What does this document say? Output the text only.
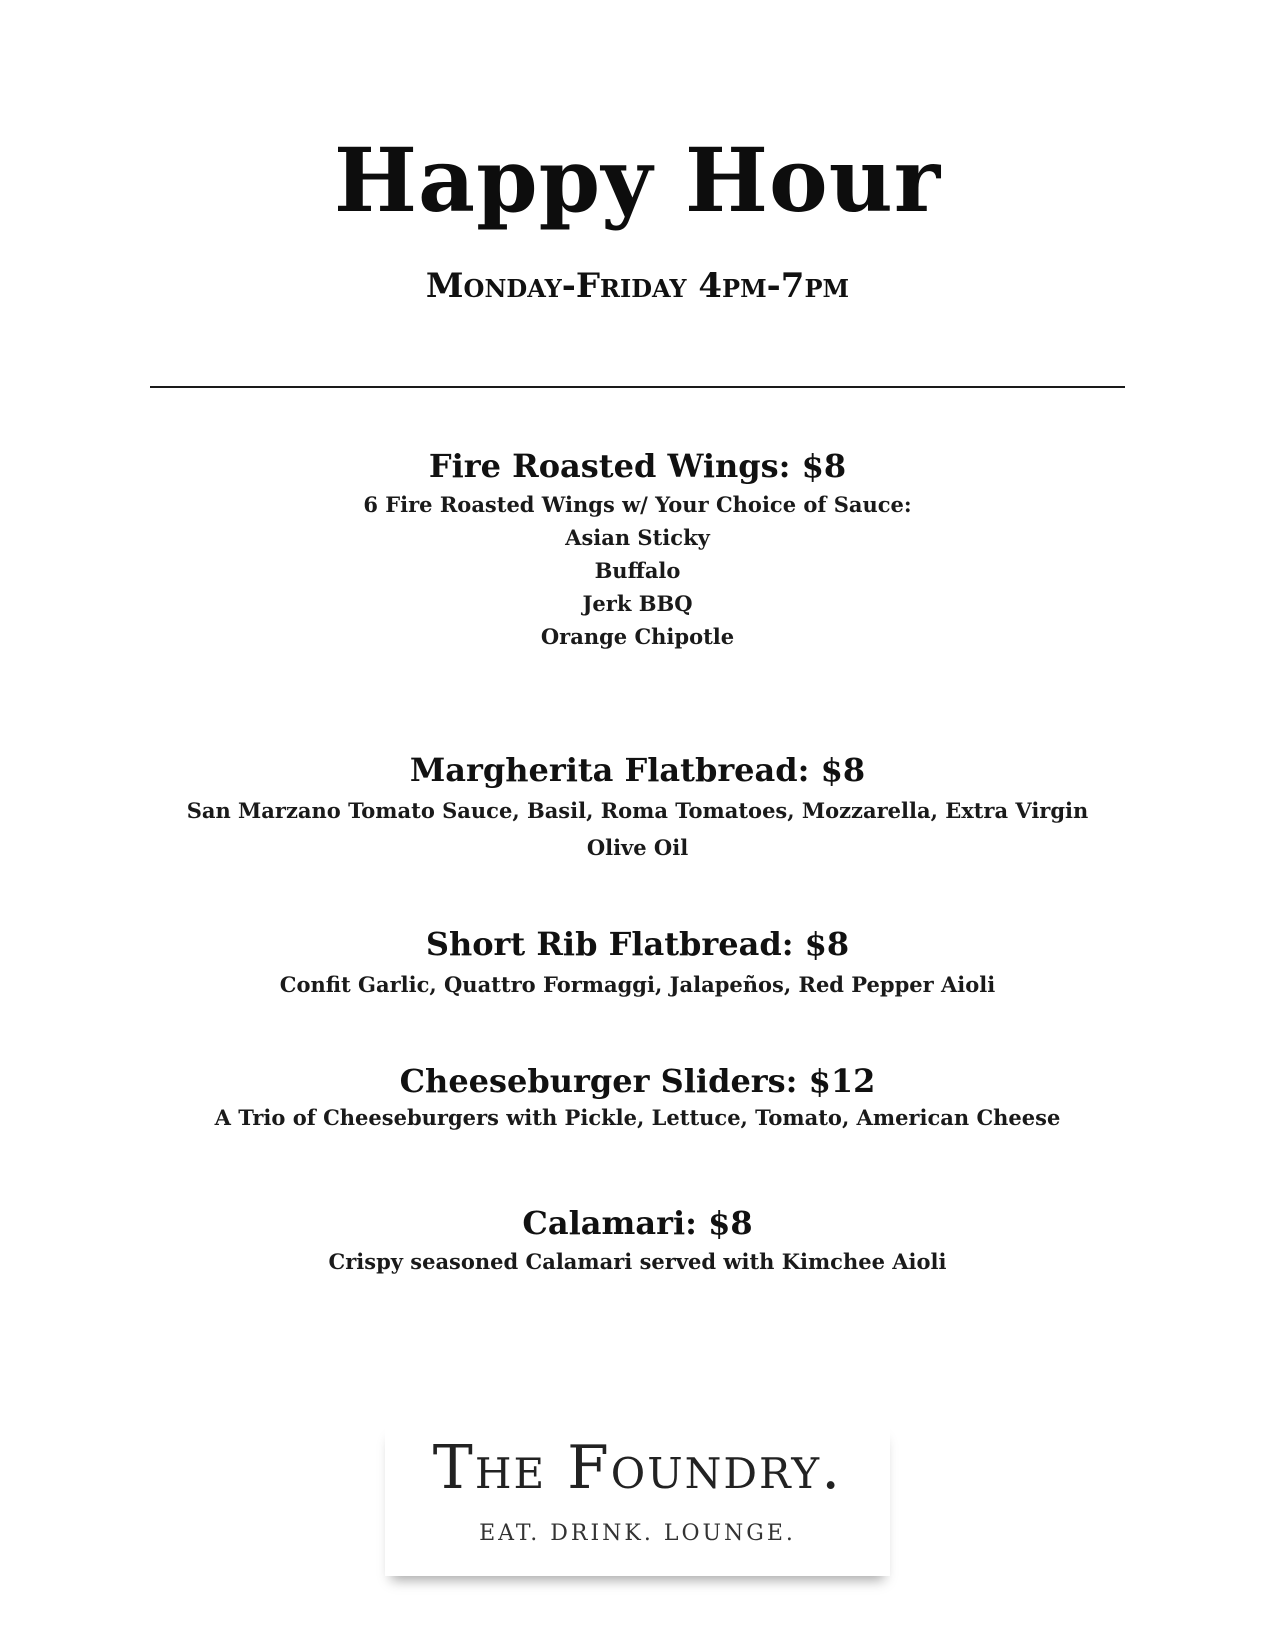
Happy Hour
Monday-Friday 4pm-7pm
Fire Roasted Wings: $8
6 Fire Roasted Wings w/ Your Choice of Sauce:
Asian Sticky
Buffalo
Jerk BBQ
Orange Chipotle
Margherita Flatbread: $8
San Marzano Tomato Sauce, Basil, Roma Tomatoes, Mozzarella, Extra Virgin Olive Oil
Short Rib Flatbread: $8
Confit Garlic, Quattro Formaggi, Jalapeños, Red Pepper Aioli
Cheeseburger Sliders: $12
A Trio of Cheeseburgers with Pickle, Lettuce, Tomato, American Cheese
Calamari: $8
Crispy seasoned Calamari served with Kimchee Aioli
The Foundry.
EAT. DRINK. LOUNGE.
